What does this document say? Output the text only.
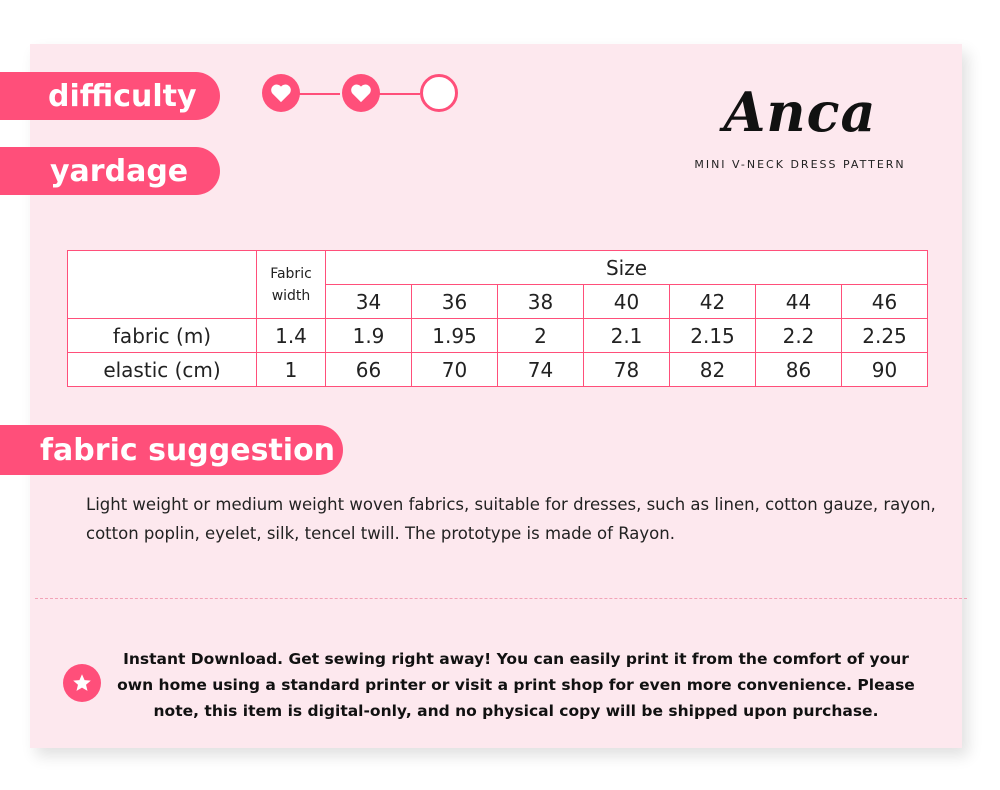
difficulty
yardage
Anca
MINI V-NECK DRESS PATTERN
	Fabric width	Size						
		34	36	38	40	42	44	46
fabric (m)	1.4	1.9	1.95	2	2.1	2.15	2.2	2.25
elastic (cm)	1	66	70	74	78	82	86	90
fabric suggestion
Light weight or medium weight woven fabrics, suitable for dresses, such as linen, cotton gauze, rayon, cotton poplin, eyelet, silk, tencel twill. The prototype is made of Rayon.
Instant Download. Get sewing right away! You can easily print it from the comfort of your own home using a standard printer or visit a print shop for even more convenience. Please note, this item is digital-only, and no physical copy will be shipped upon purchase.
